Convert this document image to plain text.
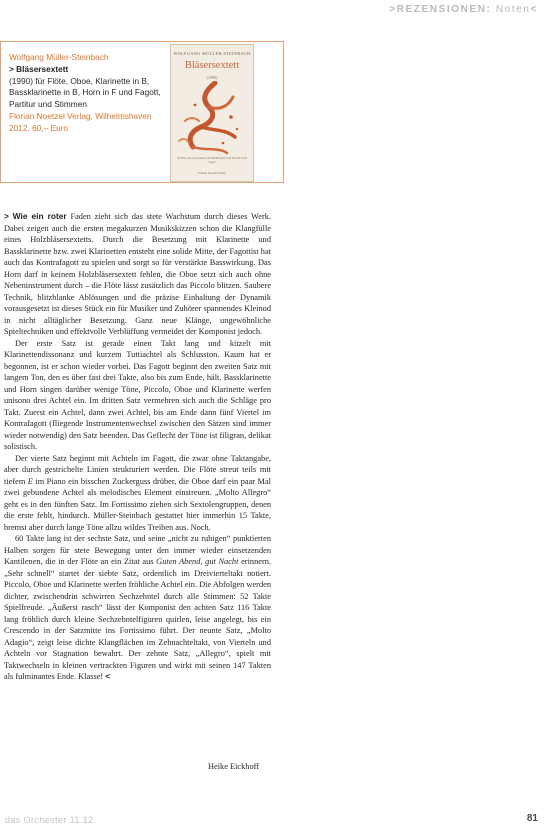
>REZENSIONEN: Noten<
Wolfgang Müller-Steinbach
> Bläsersextett
(1990) für Flöte, Oboe, Klarinette in B, Bassklarinette in B, Horn in F und Fagott, Partitur und Stimmen
Florian Noetzel Verlag, Wilhelmshaven 2012, 60,– Euro
WOLFGANG MÜLLER-STEINBACH
Bläsersextett
(1990)
für Flöte, Oboe, Klarinette in B, Bassklarinette in B, Horn in F und Fagott
Florian Noetzel Verlag

> Wie ein roter Faden zieht sich das stete Wachstum durch dieses Werk. Dabei zeigen auch die ersten megakurzen Musikskizzen schon die Klangfülle eines Holzbläsersextetts. Durch die Besetzung mit Klarinette und Bassklarinette bzw. zwei Klarinetten entsteht eine solide Mitte, der Fagottist hat auch das Kontrafagott zu spielen und sorgt so für verstärkte Basswirkung. Das Horn darf in keinem Holzbläsersextett fehlen, die Oboe setzt sich auch ohne Nebeninstrument durch – die Flöte lässt zusätzlich das Piccolo blitzen. Saubere Technik, blitzblanke Ablösungen und die präzise Einhaltung der Dynamik vorausgesetzt ist dieses Stück ein für Musiker und Zuhörer spannendes Kleinod in nicht alltäglicher Besetzung. Ganz neue Klänge, ungewöhnliche Spieltechniken und effektvolle Verblüffung vermeidet der Komponist jedoch.

Der erste Satz ist gerade einen Takt lang und kitzelt mit Klarinettendissonanz und kurzem Tuttiachtel als Schlusston. Kaum hat er begonnen, ist er schon wieder vorbei. Das Fagott beginnt den zweiten Satz mit langem Ton, den es über fast drei Takte, also bis zum Ende, hält. Bassklarinette und Horn singen darüber wenige Töne, Piccolo, Oboe und Klarinette werfen unisono drei Achtel ein. Im dritten Satz vermehren sich auch die Schläge pro Takt. Zuerst ein Achtel, dann zwei Achtel, bis am Ende dann fünf Viertel im Kontrafagott (fliegende Instrumentenwechsel zwischen den Sätzen sind immer wieder notwendig) den Satz beenden. Das Geflecht der Töne ist filigran, delikat solistisch.

Der vierte Satz beginnt mit Achteln im Fagott, die zwar ohne Taktangabe, aber durch gestrichelte Linien strukturiert werden. Die Flöte streut teils mit tiefem E im Piano ein bisschen Zuckerguss drüber, die Oboe darf ein paar Mal zwei gebundene Achtel als melodisches Element einstreuen. „Molto Allegro“ geht es in den fünften Satz. Im Fortissimo ziehen sich Sextolengruppen, denen die erste fehlt, hindurch. Müller-Steinbach gestattet hier immerhin 15 Takte, bremst aber durch lange Töne allzu wildes Treiben aus. Noch.

60 Takte lang ist der sechste Satz, und seine „nicht zu ruhigen“ punktierten Halben sorgen für stete Bewegung unter den immer wieder einsetzenden Kantilenen, die in der Flöte an ein Zitat aus Guten Abend, gut Nacht erinnern. „Sehr schnell“ startet der siebte Satz, ordentlich im Dreivierteltakt notiert. Piccolo, Oboe und Klarinette werfen fröhliche Achtel ein. Die Abfolgen werden dichter, zwischendrin schwirren Sechzehntel durch alle Stimmen: 52 Takte Spielfreude. „Äußerst rasch“ lässt der Komponist den achten Satz 116 Takte lang fröhlich durch kleine Sechzehntelfiguren quirlen, leise angelegt, bis ein Crescendo in der Satzmitte ins Fortissimo führt. Der neunte Satz, „Molto Adagio“, zeigt leise dichte Klangflächen im Zehnachteltakt, von Vierteln und Achteln vor Stagnation bewahrt. Der zehnte Satz, „Allegro“, spielt mit Taktwechseln in kleinen vertrackten Figuren und wirkt mit seinen 147 Takten als fulminantes Ende. Klasse! <

Heike Eickhoff
das Orchester 11.12	81
